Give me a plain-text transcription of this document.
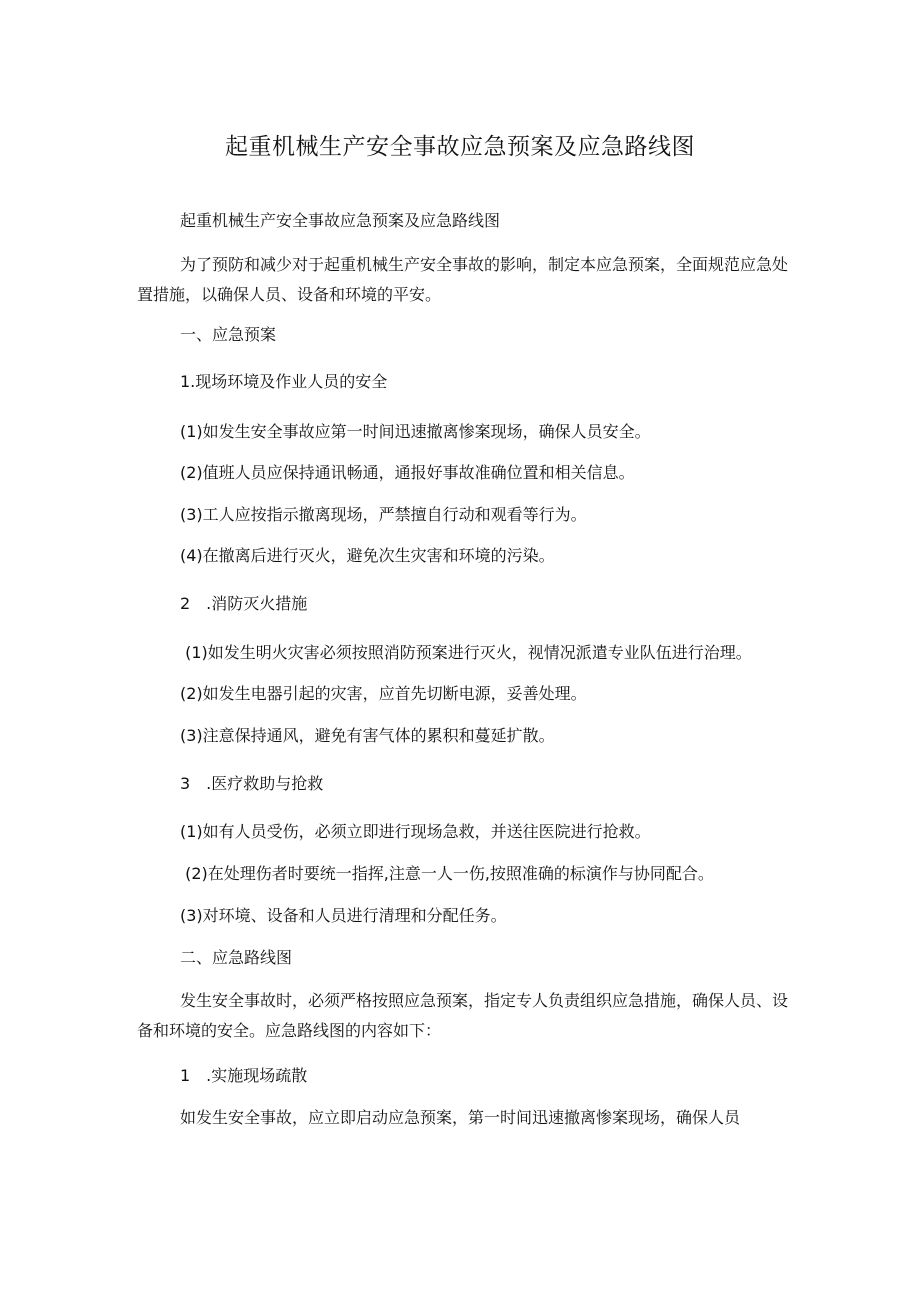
起重机械生产安全事故应急预案及应急路线图

起重机械生产安全事故应急预案及应急路线图

为了预防和减少对于起重机械生产安全事故的影响，制定本应急预案，全面规范应急处置措施，以确保人员、设备和环境的平安。

一、应急预案

1.现场环境及作业人员的安全

(1)如发生安全事故应第一时间迅速撤离惨案现场，确保人员安全。

(2)值班人员应保持通讯畅通，通报好事故准确位置和相关信息。

(3)工人应按指示撤离现场，严禁擅自行动和观看等行为。

(4)在撤离后进行灭火，避免次生灾害和环境的污染。

2　.消防灭火措施

(1)如发生明火灾害必须按照消防预案进行灭火，视情况派遣专业队伍进行治理。

(2)如发生电器引起的灾害，应首先切断电源，妥善处理。

(3)注意保持通风，避免有害气体的累积和蔓延扩散。

3　.医疗救助与抢救

(1)如有人员受伤，必须立即进行现场急救，并送往医院进行抢救。

(2)在处理伤者时要统一指挥,注意一人一伤,按照准确的标演作与协同配合。

(3)对环境、设备和人员进行清理和分配任务。

二、应急路线图

发生安全事故时，必须严格按照应急预案，指定专人负责组织应急措施，确保人员、设备和环境的安全。应急路线图的内容如下：

1　.实施现场疏散

如发生安全事故，应立即启动应急预案，第一时间迅速撤离惨案现场，确保人员
